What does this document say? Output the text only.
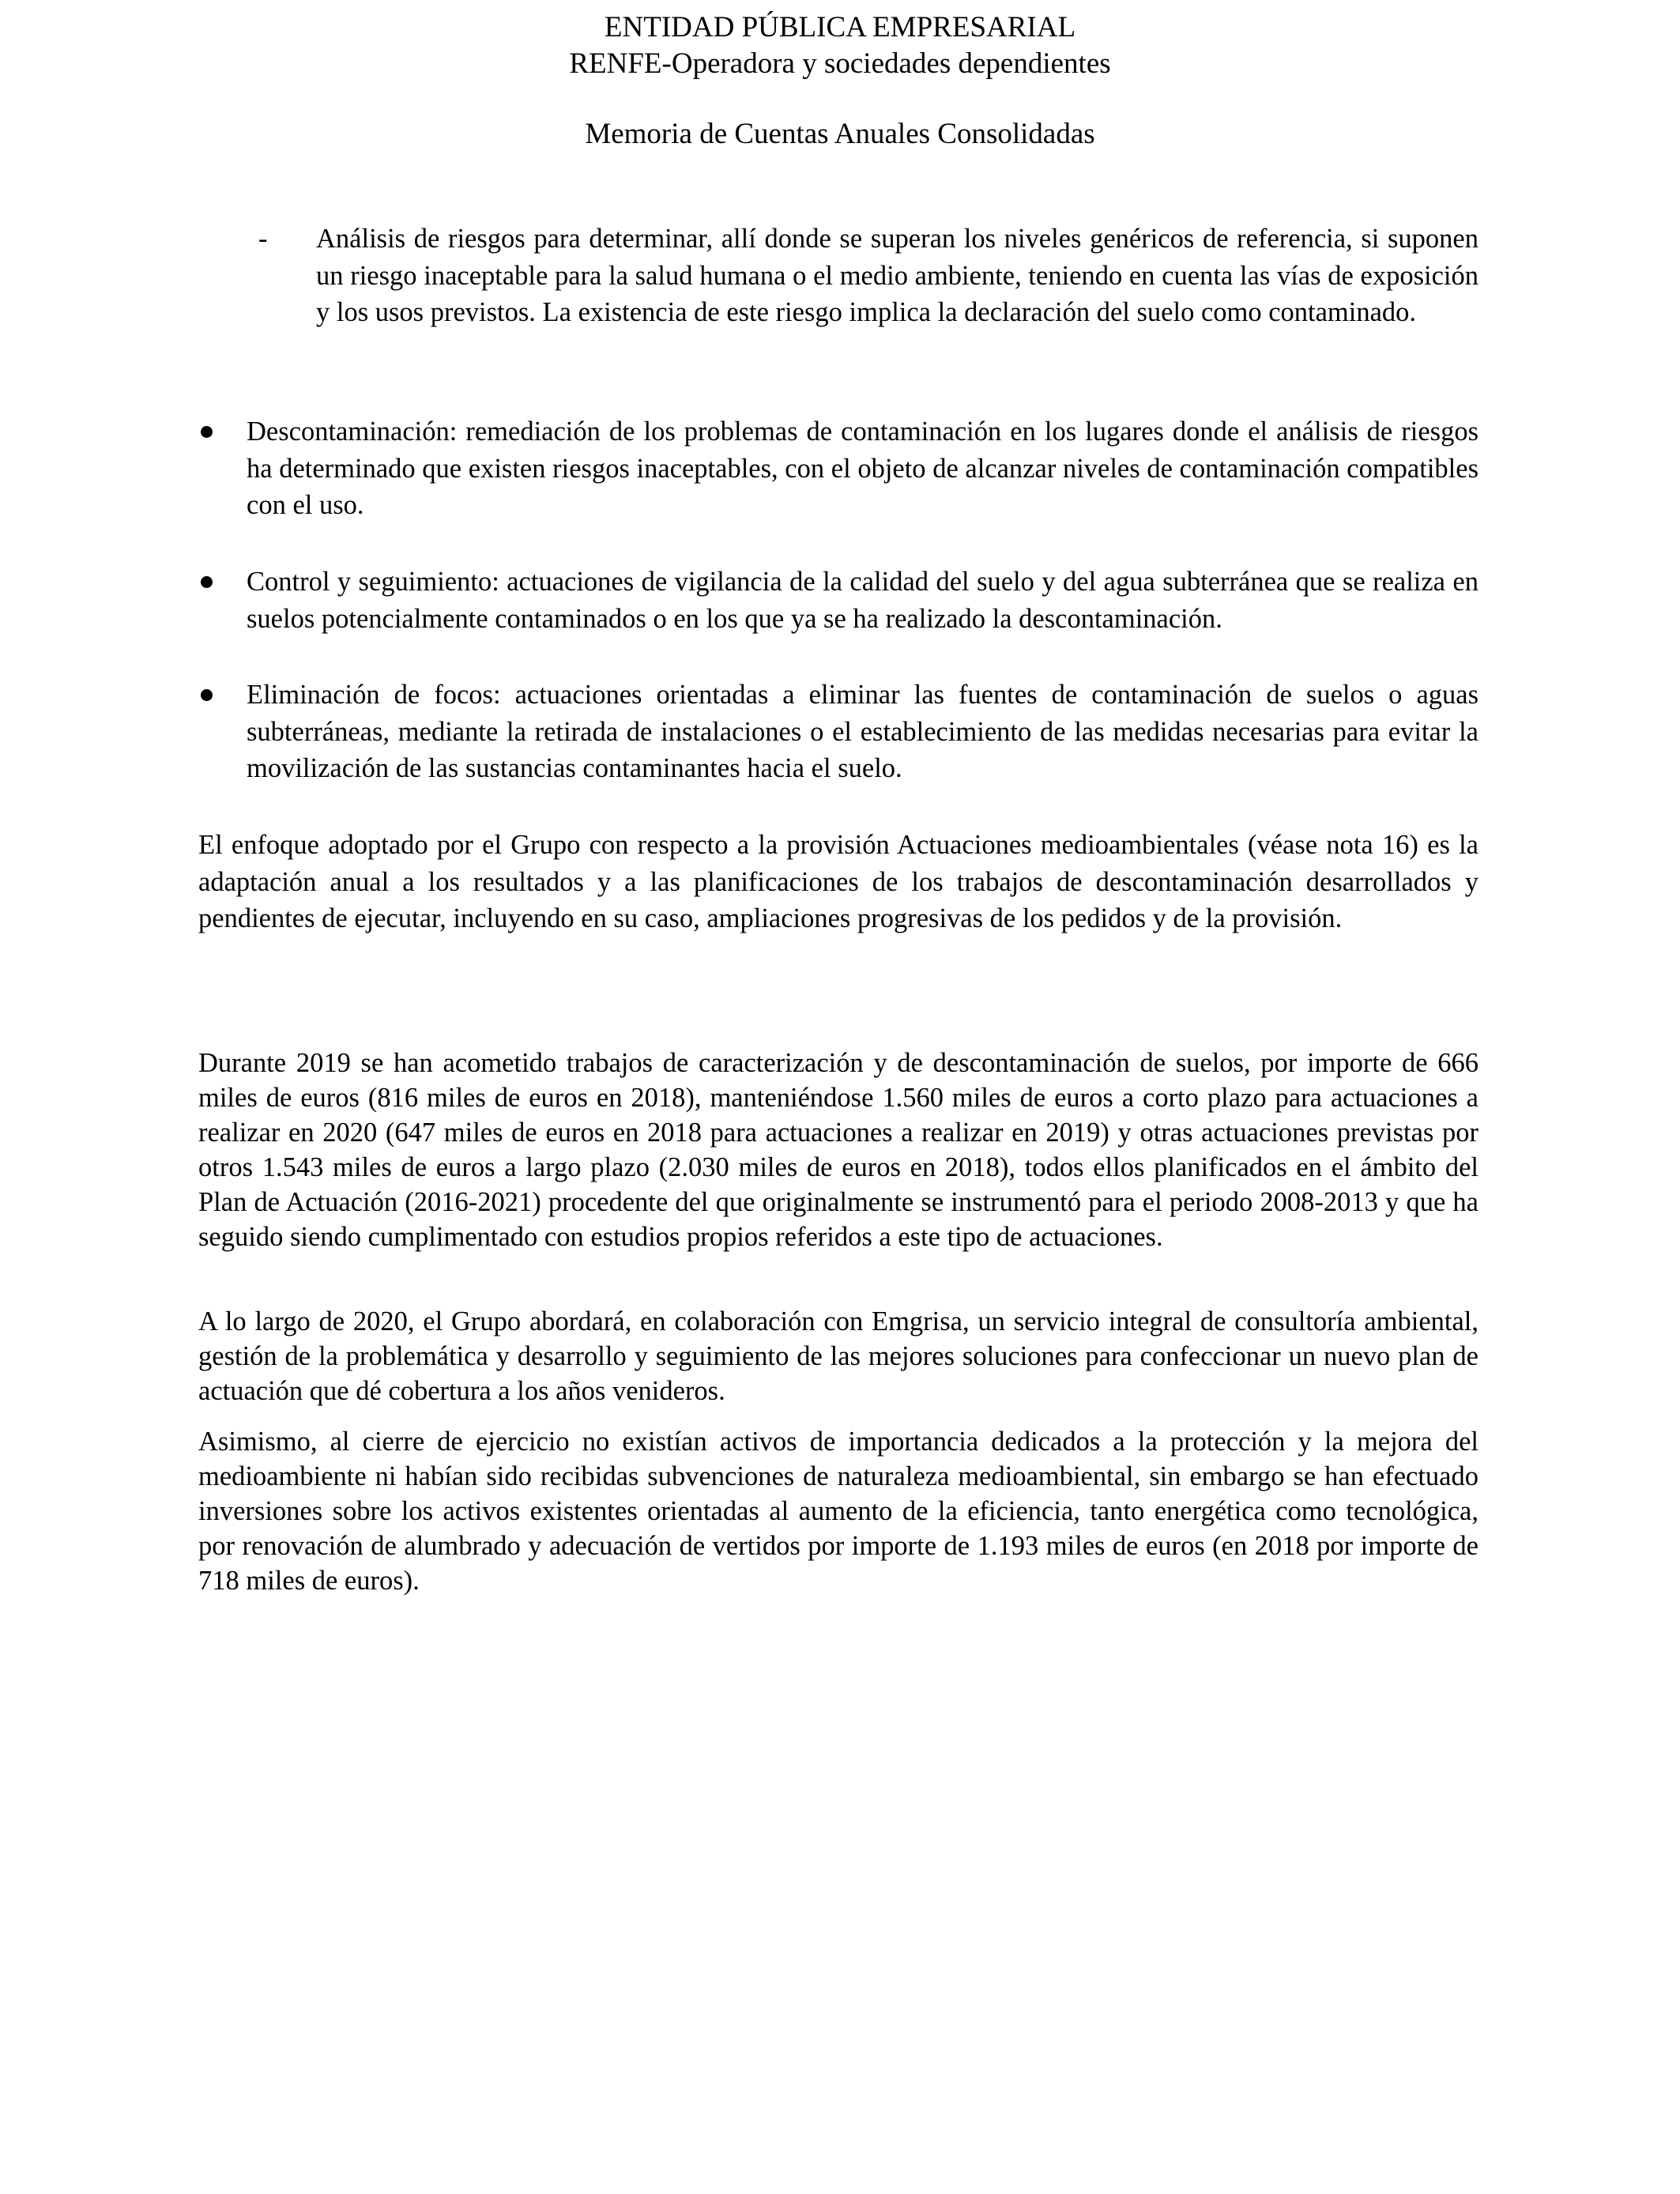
ENTIDAD PÚBLICA EMPRESARIAL
RENFE-Operadora y sociedades dependientes
Memoria de Cuentas Anuales Consolidadas
- Análisis de riesgos para determinar, allí donde se superan los niveles genéricos de referencia, si suponen un riesgo inaceptable para la salud humana o el medio ambiente, teniendo en cuenta las vías de exposición y los usos previstos. La existencia de este riesgo implica la declaración del suelo como contaminado.
Descontaminación: remediación de los problemas de contaminación en los lugares donde el análisis de riesgos ha determinado que existen riesgos inaceptables, con el objeto de alcanzar niveles de contaminación compatibles con el uso.
Control y seguimiento: actuaciones de vigilancia de la calidad del suelo y del agua subterránea que se realiza en suelos potencialmente contaminados o en los que ya se ha realizado la descontaminación.
Eliminación de focos: actuaciones orientadas a eliminar las fuentes de contaminación de suelos o aguas subterráneas, mediante la retirada de instalaciones o el establecimiento de las medidas necesarias para evitar la movilización de las sustancias contaminantes hacia el suelo.

El enfoque adoptado por el Grupo con respecto a la provisión Actuaciones medioambientales (véase nota 16) es la adaptación anual a los resultados y a las planificaciones de los trabajos de descontaminación desarrollados y pendientes de ejecutar, incluyendo en su caso, ampliaciones progresivas de los pedidos y de la provisión.

Durante 2019 se han acometido trabajos de caracterización y de descontaminación de suelos, por importe de 666 miles de euros (816 miles de euros en 2018), manteniéndose 1.560 miles de euros a corto plazo para actuaciones a realizar en 2020 (647 miles de euros en 2018 para actuaciones a realizar en 2019) y otras actuaciones previstas por otros 1.543 miles de euros a largo plazo (2.030 miles de euros en 2018), todos ellos planificados en el ámbito del Plan de Actuación (2016-2021) procedente del que originalmente se instrumentó para el periodo 2008-2013 y que ha seguido siendo cumplimentado con estudios propios referidos a este tipo de actuaciones.

A lo largo de 2020, el Grupo abordará, en colaboración con Emgrisa, un servicio integral de consultoría ambiental, gestión de la problemática y desarrollo y seguimiento de las mejores soluciones para confeccionar un nuevo plan de actuación que dé cobertura a los años venideros.

Asimismo, al cierre de ejercicio no existían activos de importancia dedicados a la protección y la mejora del medioambiente ni habían sido recibidas subvenciones de naturaleza medioambiental, sin embargo se han efectuado inversiones sobre los activos existentes orientadas al aumento de la eficiencia, tanto energética como tecnológica, por renovación de alumbrado y adecuación de vertidos por importe de 1.193 miles de euros (en 2018 por importe de 718 miles de euros).
